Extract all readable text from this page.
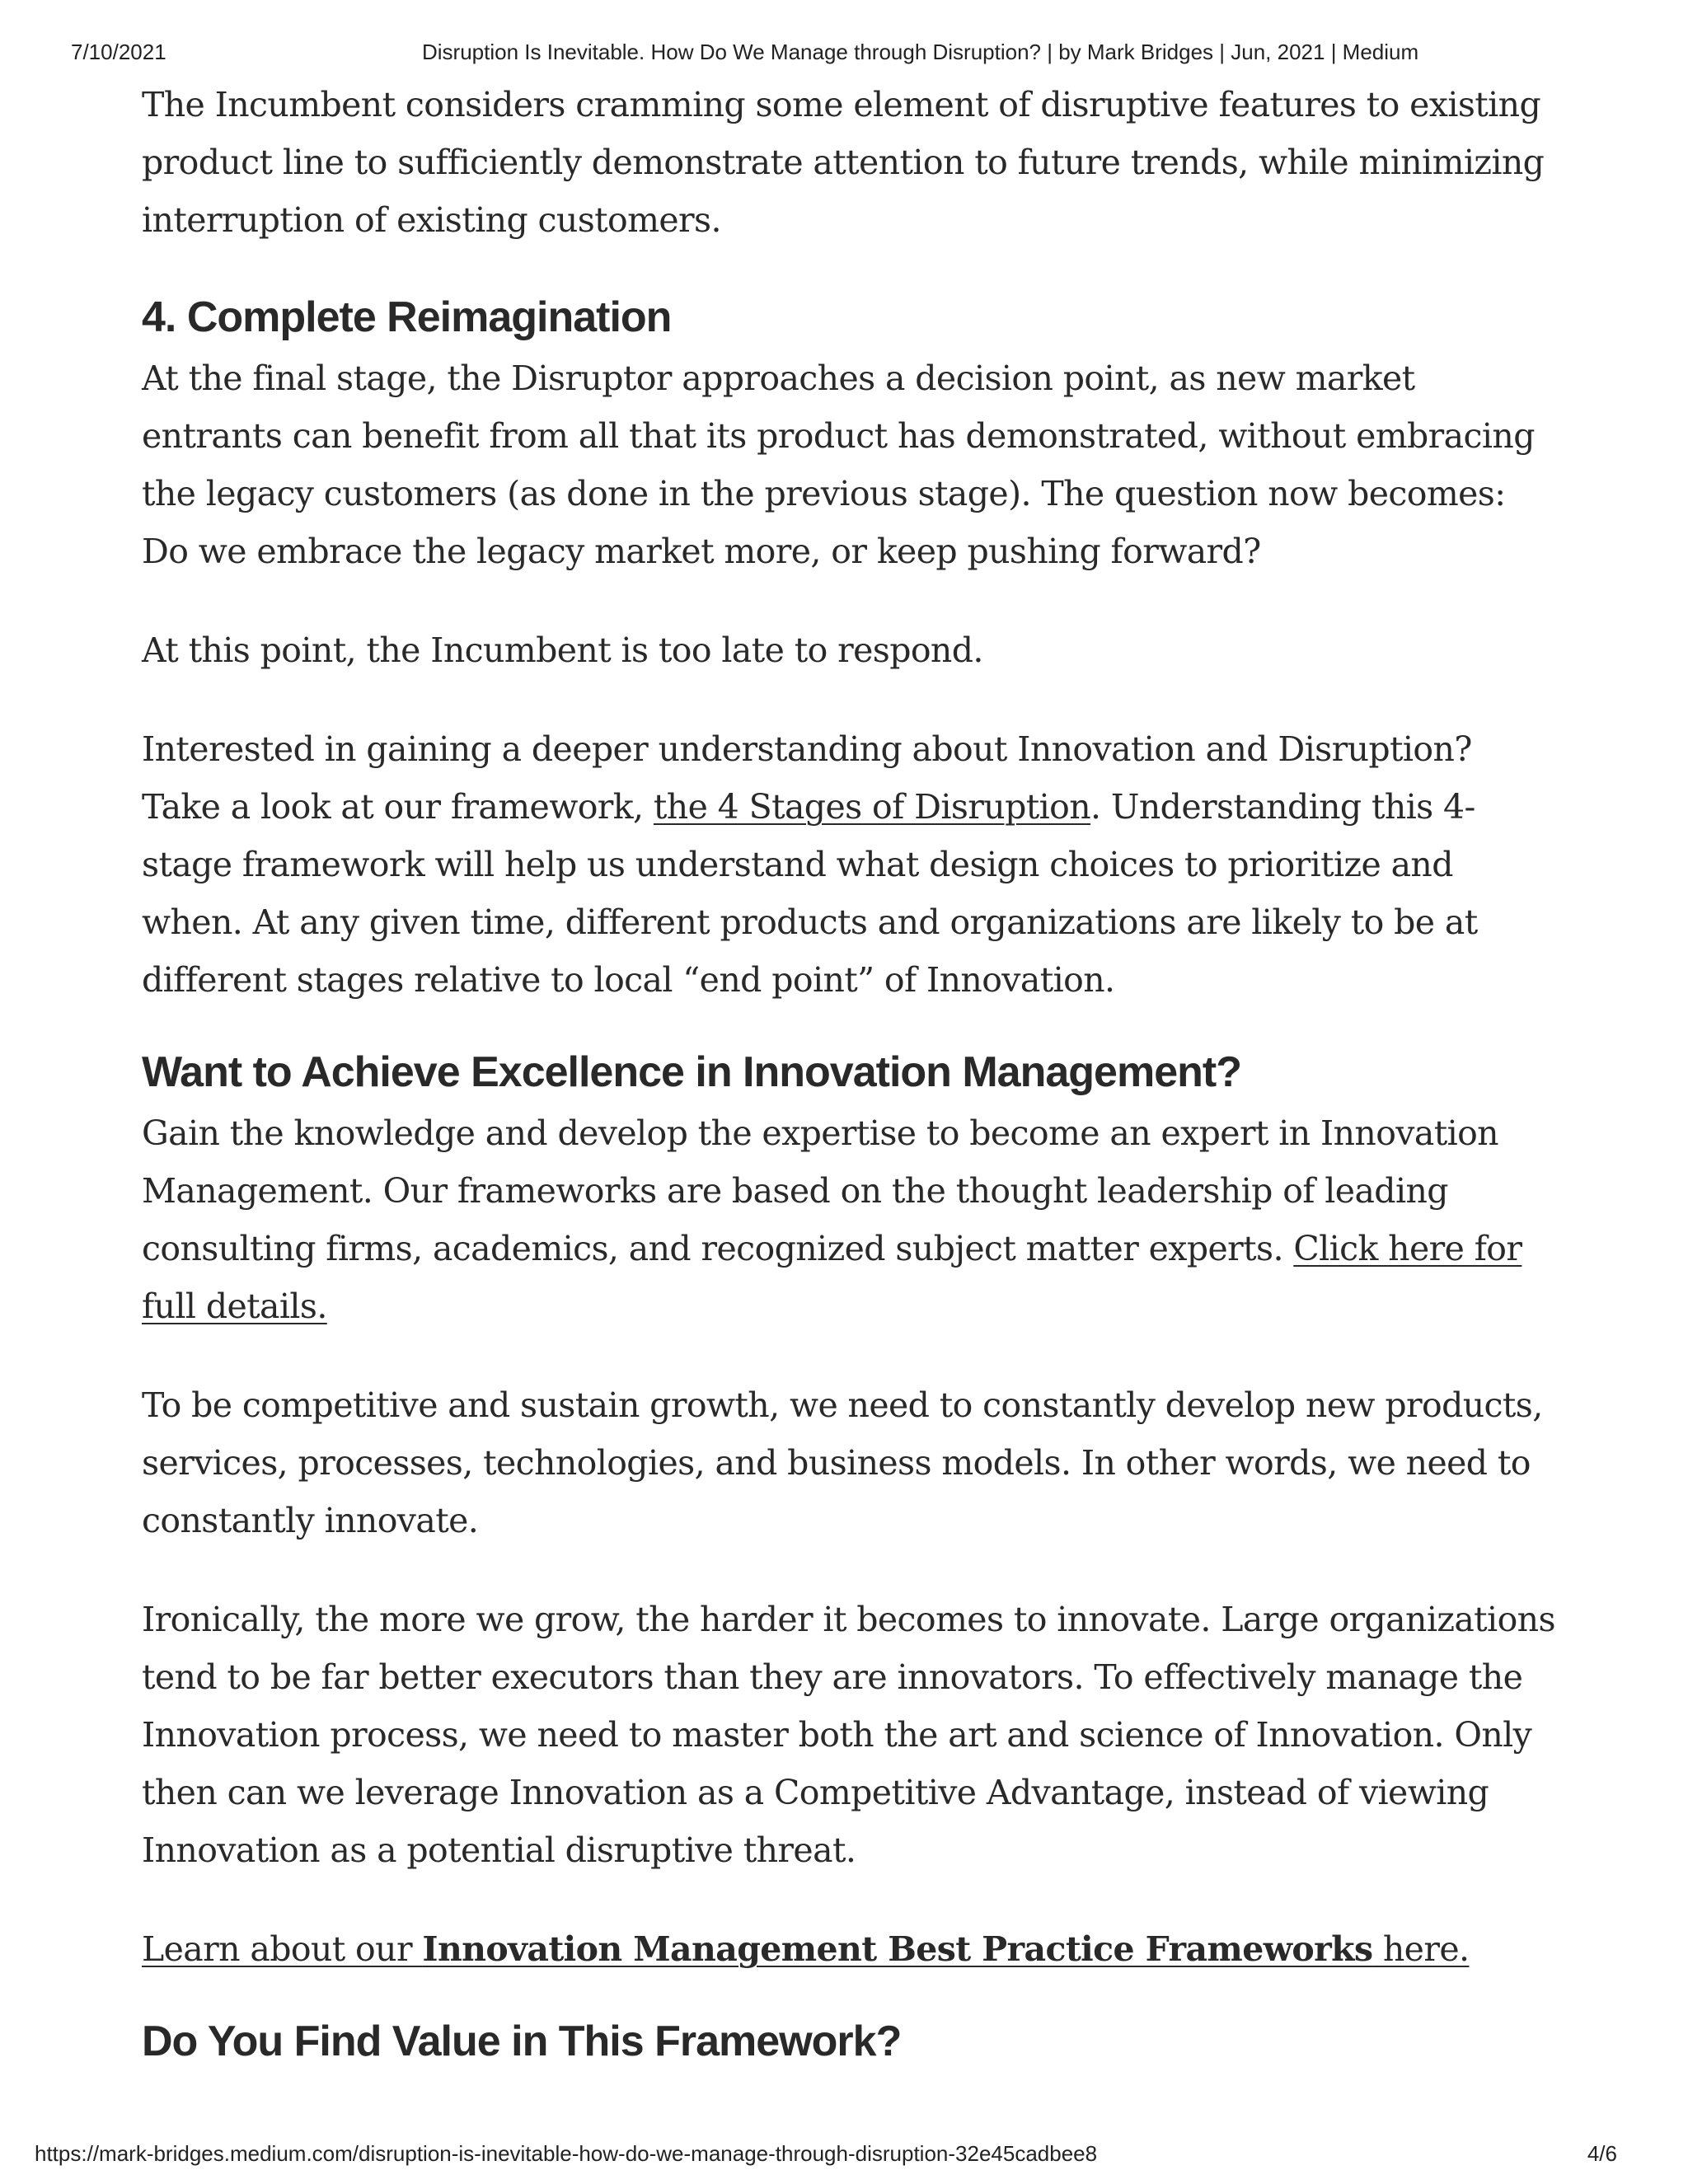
7/10/2021	Disruption Is Inevitable. How Do We Manage through Disruption? | by Mark Bridges | Jun, 2021 | Medium

The Incumbent considers cramming some element of disruptive features to existing product line to sufficiently demonstrate attention to future trends, while minimizing interruption of existing customers.

4. Complete Reimagination

At the final stage, the Disruptor approaches a decision point, as new market entrants can benefit from all that its product has demonstrated, without embracing the legacy customers (as done in the previous stage). The question now becomes: Do we embrace the legacy market more, or keep pushing forward?

At this point, the Incumbent is too late to respond.

Interested in gaining a deeper understanding about Innovation and Disruption? Take a look at our framework, the 4 Stages of Disruption. Understanding this 4-stage framework will help us understand what design choices to prioritize and when. At any given time, different products and organizations are likely to be at different stages relative to local “end point” of Innovation.

Want to Achieve Excellence in Innovation Management?

Gain the knowledge and develop the expertise to become an expert in Innovation Management. Our frameworks are based on the thought leadership of leading consulting firms, academics, and recognized subject matter experts. Click here for full details.

To be competitive and sustain growth, we need to constantly develop new products, services, processes, technologies, and business models. In other words, we need to constantly innovate.

Ironically, the more we grow, the harder it becomes to innovate. Large organizations tend to be far better executors than they are innovators. To effectively manage the Innovation process, we need to master both the art and science of Innovation. Only then can we leverage Innovation as a Competitive Advantage, instead of viewing Innovation as a potential disruptive threat.

Learn about our Innovation Management Best Practice Frameworks here.

Do You Find Value in This Framework?
https://mark-bridges.medium.com/disruption-is-inevitable-how-do-we-manage-through-disruption-32e45cadbee8	4/6
